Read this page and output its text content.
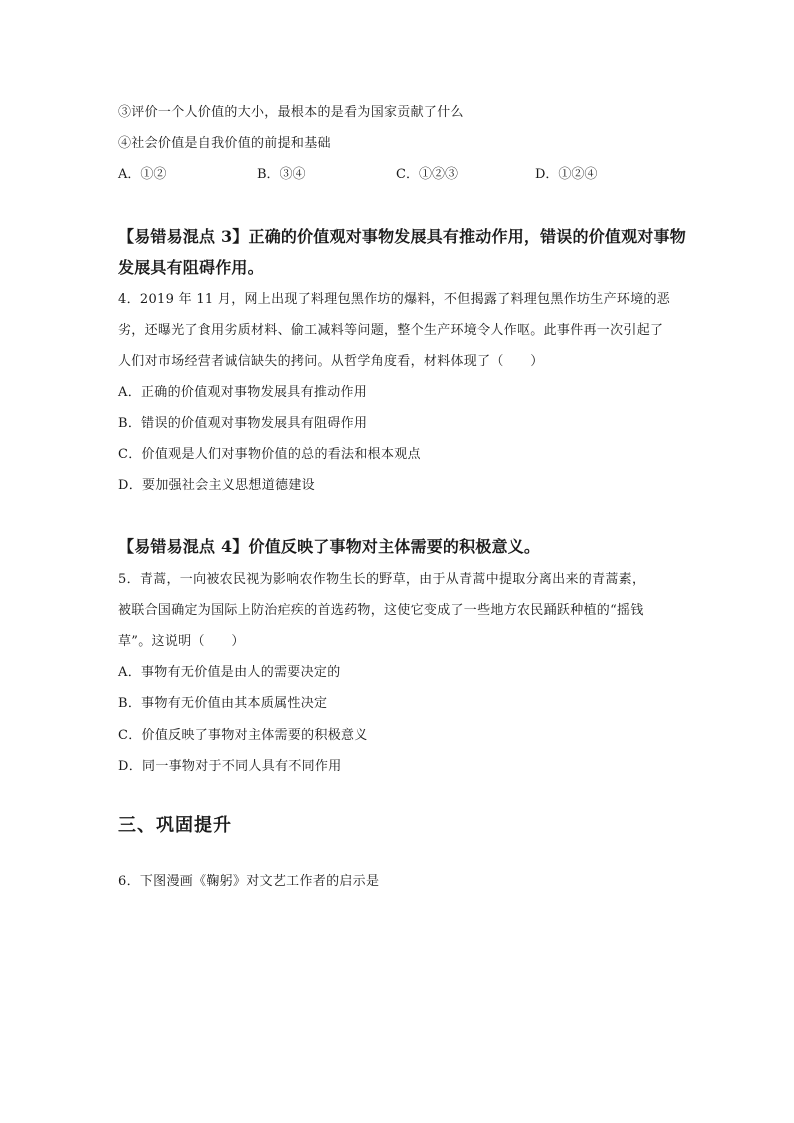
③评价一个人价值的大小，最根本的是看为国家贡献了什么
④社会价值是自我价值的前提和基础
A．①②	B．③④	C．①②③	D．①②④
【易错易混点 3】正确的价值观对事物发展具有推动作用，错误的价值观对事物
发展具有阻碍作用。
4．2019 年 11 月，网上出现了料理包黑作坊的爆料，不但揭露了料理包黑作坊生产环境的恶
劣，还曝光了食用劣质材料、偷工减料等问题，整个生产环境令人作呕。此事件再一次引起了
人们对市场经营者诚信缺失的拷问。从哲学角度看，材料体现了（　　）
A．正确的价值观对事物发展具有推动作用
B．错误的价值观对事物发展具有阻碍作用
C．价值观是人们对事物价值的总的看法和根本观点
D．要加强社会主义思想道德建设
【易错易混点 4】价值反映了事物对主体需要的积极意义。
5．青蒿，一向被农民视为影响农作物生长的野草，由于从青蒿中提取分离出来的青蒿素，
被联合国确定为国际上防治疟疾的首选药物，这使它变成了一些地方农民踊跃种植的“摇钱
草”。这说明（　　）
A．事物有无价值是由人的需要决定的
B．事物有无价值由其本质属性决定
C．价值反映了事物对主体需要的积极意义
D．同一事物对于不同人具有不同作用
三、巩固提升
6．下图漫画《鞠躬》对文艺工作者的启示是
